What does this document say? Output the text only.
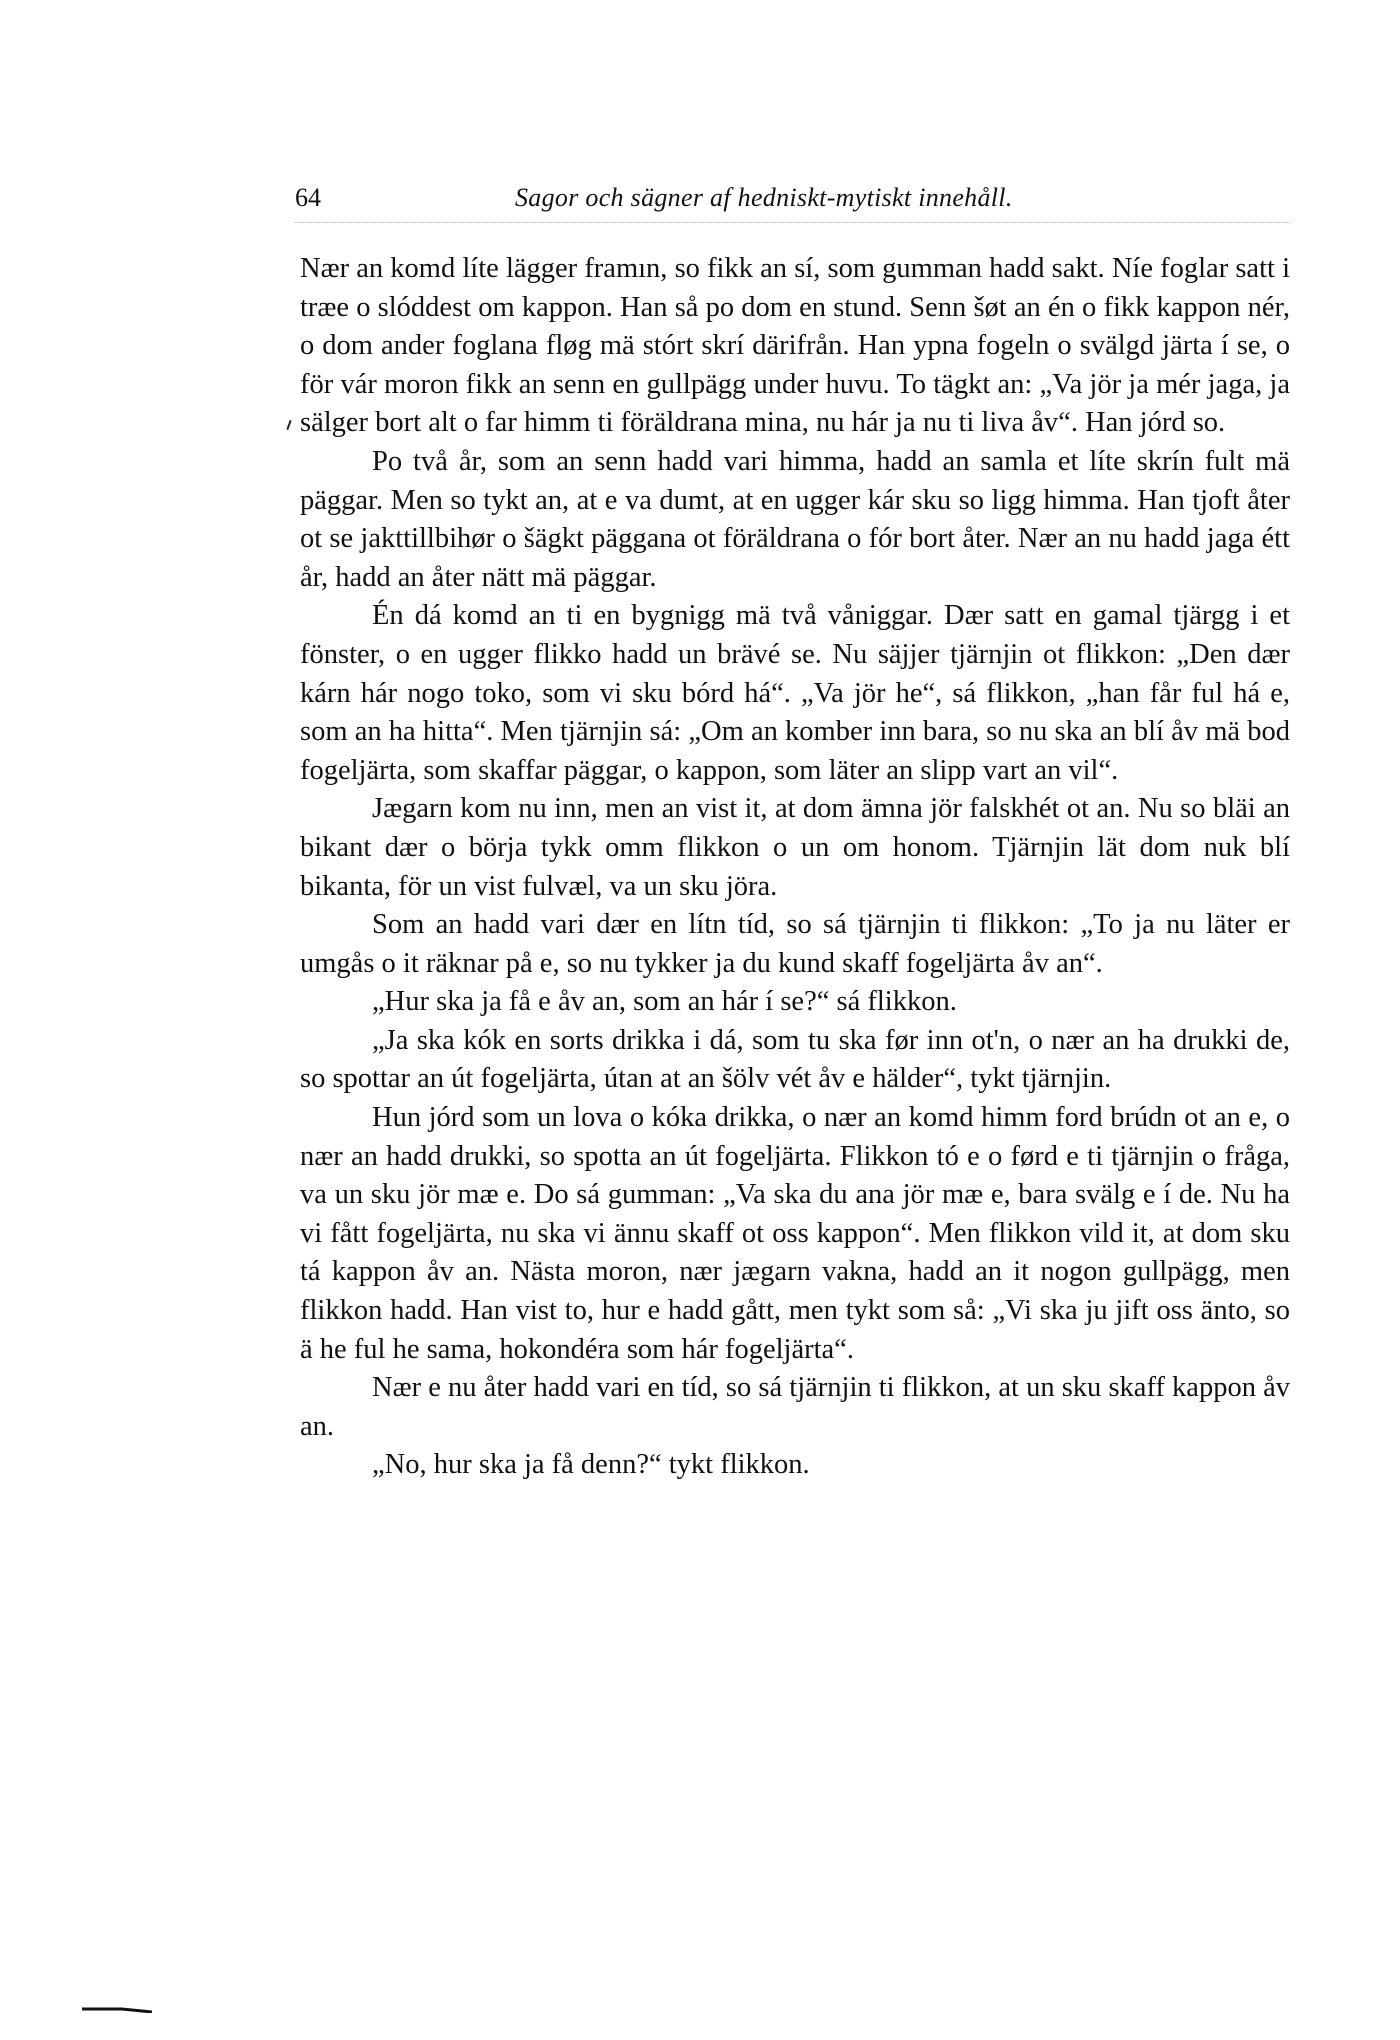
64	Sagor och sägner af hedniskt-mytiskt innehåll.

Nær an komd líte lägger framın, so fikk an sí, som gumman hadd sakt. Níe foglar satt i træe o slóddest om kappon. Han så po dom en stund. Senn šøt an én o fikk kappon nér, o dom ander foglana fløg mä stórt skrí därifrån. Han ypna fogeln o svälgd järta í se, o för vár moron fikk an senn en gullpägg under huvu. To tägkt an: „Va jör ja mér jaga, ja sälger bort alt o far himm ti föräldrana mina, nu hár ja nu ti liva åv“. Han jórd so.

Po två år, som an senn hadd vari himma, hadd an samla et líte skrín fult mä päggar. Men so tykt an, at e va dumt, at en ugger kár sku so ligg himma. Han tjoft åter ot se jakttillbihør o šägkt päggana ot föräldrana o fór bort åter. Nær an nu hadd jaga étt år, hadd an åter nätt mä päggar.

Én dá komd an ti en bygnigg mä två våniggar. Dær satt en gamal tjärgg i et fönster, o en ugger flikko hadd un brävé se. Nu säjjer tjärnjin ot flikkon: „Den dær kárn hár nogo toko, som vi sku bórd há“. „Va jör he“, sá flikkon, „han får ful há e, som an ha hitta“. Men tjärnjin sá: „Om an komber inn bara, so nu ska an blí åv mä bod fogeljärta, som skaffar päggar, o kappon, som läter an slipp vart an vil“.

Jægarn kom nu inn, men an vist it, at dom ämna jör falskhét ot an. Nu so bläi an bikant dær o börja tykk omm flikkon o un om honom. Tjärnjin lät dom nuk blí bikanta, för un vist fulvæl, va un sku jöra.

Som an hadd vari dær en lítn tíd, so sá tjärnjin ti flikkon: „To ja nu läter er umgås o it räknar på e, so nu tykker ja du kund skaff fogeljärta åv an“.

„Hur ska ja få e åv an, som an hár í se?“ sá flikkon.

„Ja ska kók en sorts drikka i dá, som tu ska før inn ot'n, o nær an ha drukki de, so spottar an út fogeljärta, útan at an šölv vét åv e hälder“, tykt tjärnjin.

Hun jórd som un lova o kóka drikka, o nær an komd himm ford brúdn ot an e, o nær an hadd drukki, so spotta an út fogeljärta. Flikkon tó e o førd e ti tjärnjin o fråga, va un sku jör mæ e. Do sá gumman: „Va ska du ana jör mæ e, bara svälg e í de. Nu ha vi fått fogeljärta, nu ska vi ännu skaff ot oss kappon“. Men flikkon vild it, at dom sku tá kappon åv an. Nästa moron, nær jægarn vakna, hadd an it nogon gullpägg, men flikkon hadd. Han vist to, hur e hadd gått, men tykt som så: „Vi ska ju jift oss änto, so ä he ful he sama, hokondéra som hár fogeljärta“.

Nær e nu åter hadd vari en tíd, so sá tjärnjin ti flikkon, at un sku skaff kappon åv an.

„No, hur ska ja få denn?“ tykt flikkon.
